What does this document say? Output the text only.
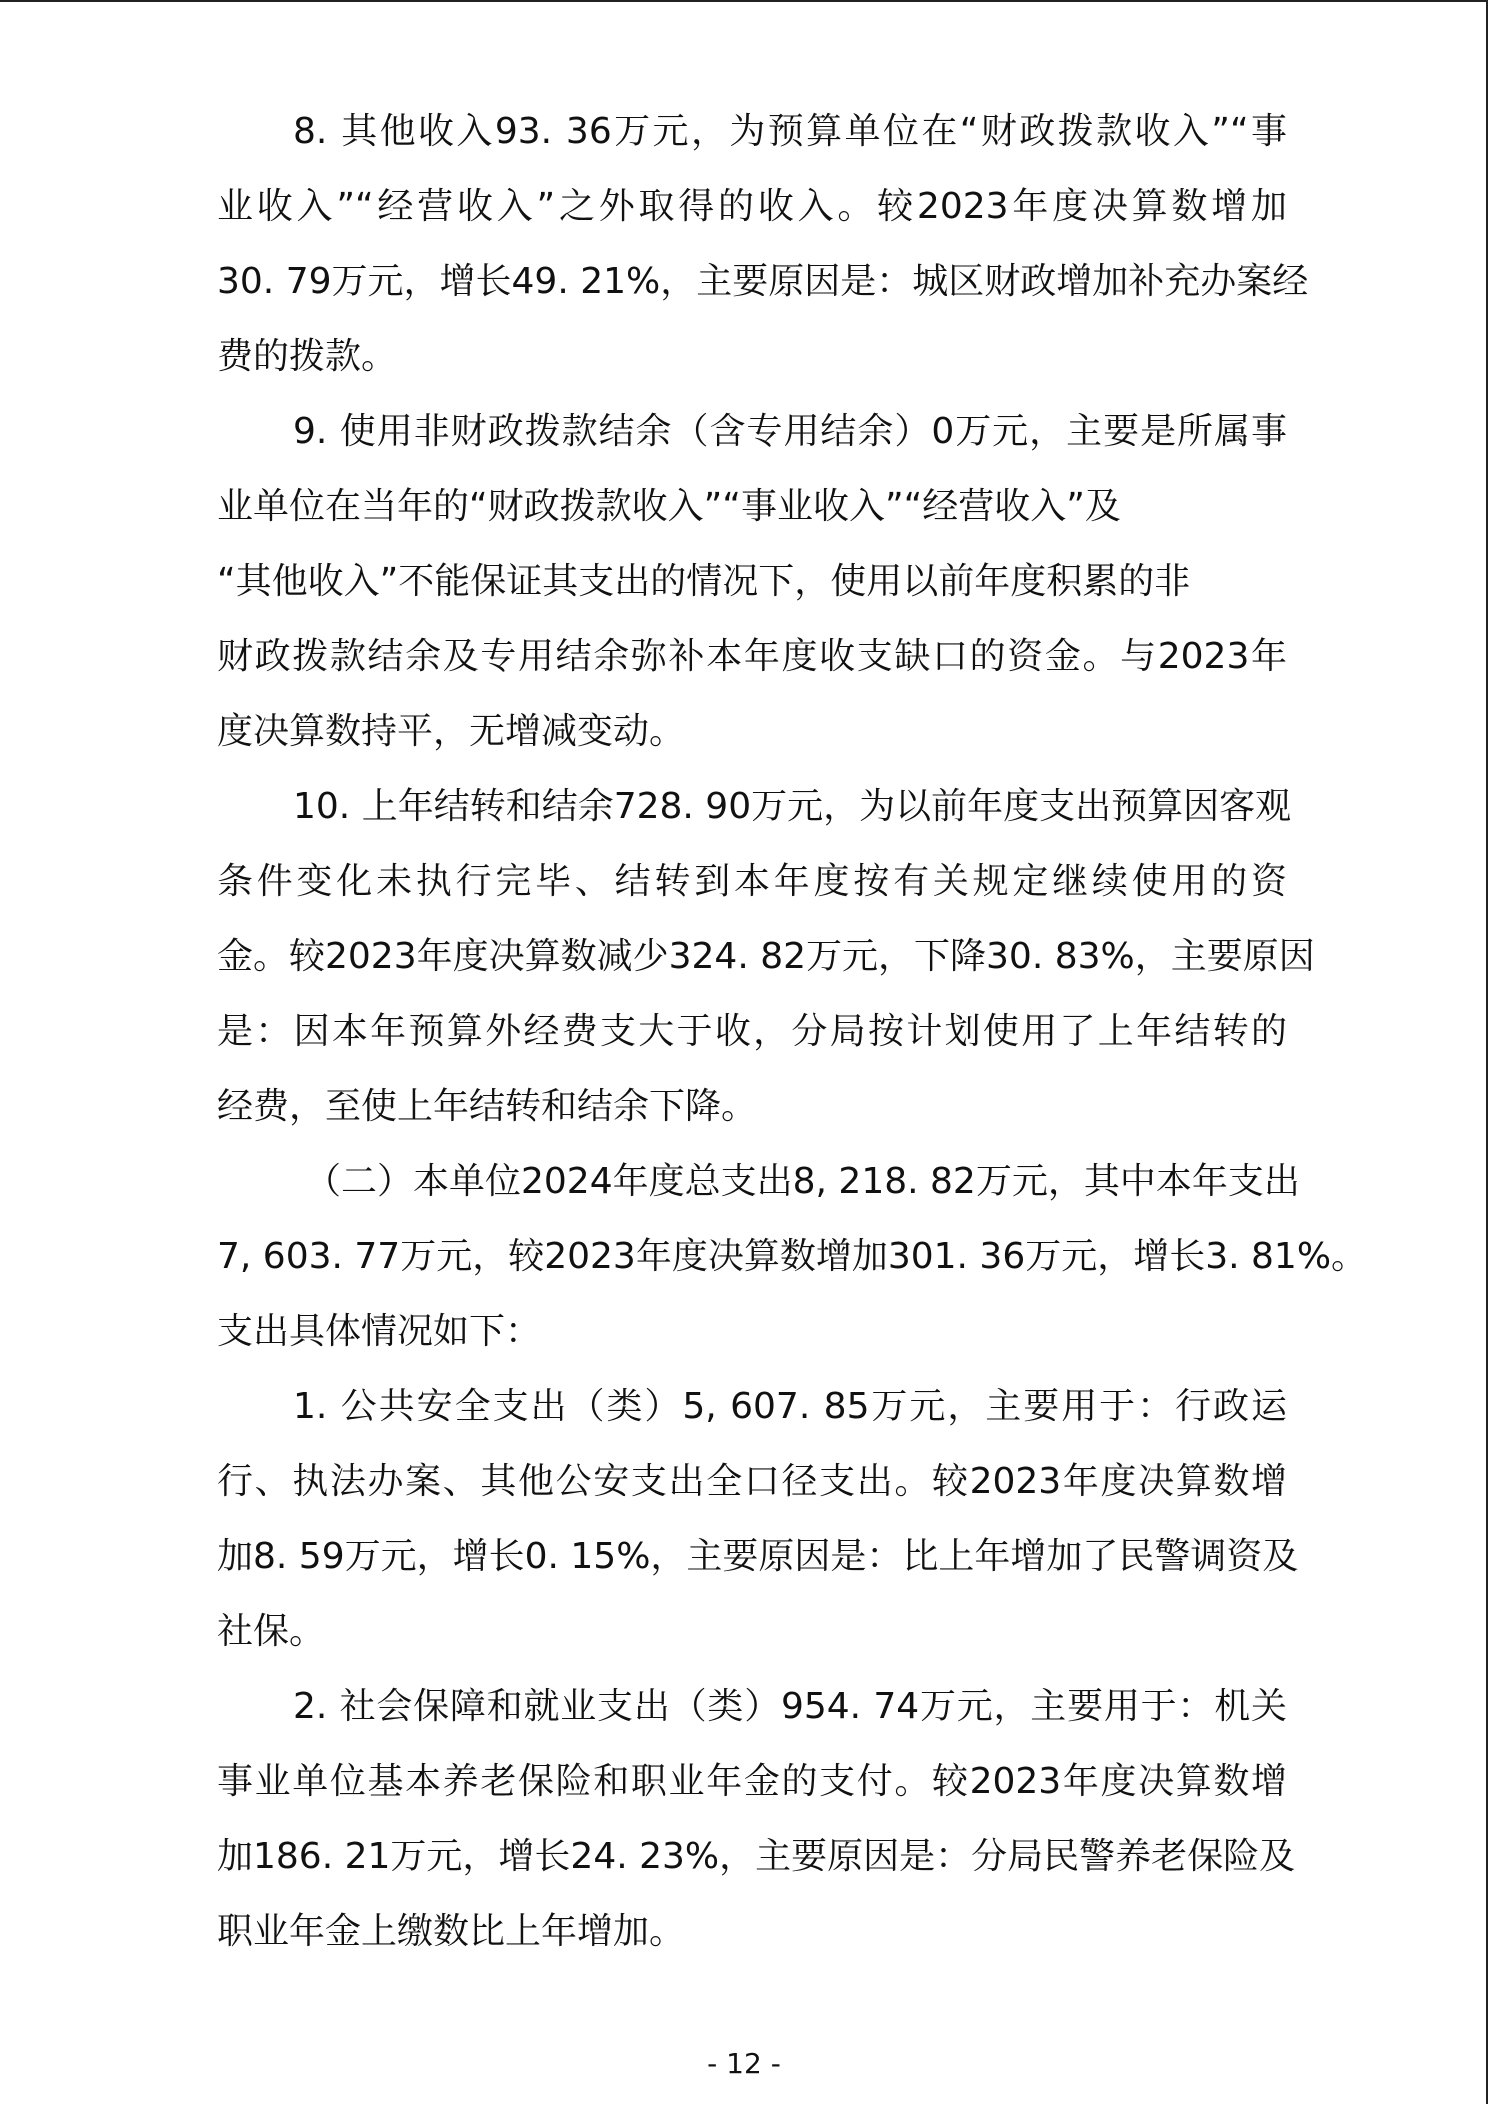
8. 其他收入93. 36万元，为预算单位在“财政拨款收入”“事
业收入”“经营收入”之外取得的收入。较2023年度决算数增加
30. 79万元，增长49. 21%，主要原因是：城区财政增加补充办案经
费的拨款。
9. 使用非财政拨款结余（含专用结余）0万元，主要是所属事
业单位在当年的“财政拨款收入”“事业收入”“经营收入”及
“其他收入”不能保证其支出的情况下，使用以前年度积累的非
财政拨款结余及专用结余弥补本年度收支缺口的资金。与2023年
度决算数持平，无增减变动。
10. 上年结转和结余728. 90万元，为以前年度支出预算因客观
条件变化未执行完毕、结转到本年度按有关规定继续使用的资
金。较2023年度决算数减少324. 82万元，下降30. 83%，主要原因
是：因本年预算外经费支大于收，分局按计划使用了上年结转的
经费，至使上年结转和结余下降。
（二）本单位2024年度总支出8, 218. 82万元，其中本年支出
7, 603. 77万元，较2023年度决算数增加301. 36万元，增长3. 81%。
支出具体情况如下：
1. 公共安全支出（类）5, 607. 85万元，主要用于：行政运
行、执法办案、其他公安支出全口径支出。较2023年度决算数增
加8. 59万元，增长0. 15%，主要原因是：比上年增加了民警调资及
社保。
2. 社会保障和就业支出（类）954. 74万元，主要用于：机关
事业单位基本养老保险和职业年金的支付。较2023年度决算数增
加186. 21万元，增长24. 23%，主要原因是：分局民警养老保险及
职业年金上缴数比上年增加。
- 12 -
